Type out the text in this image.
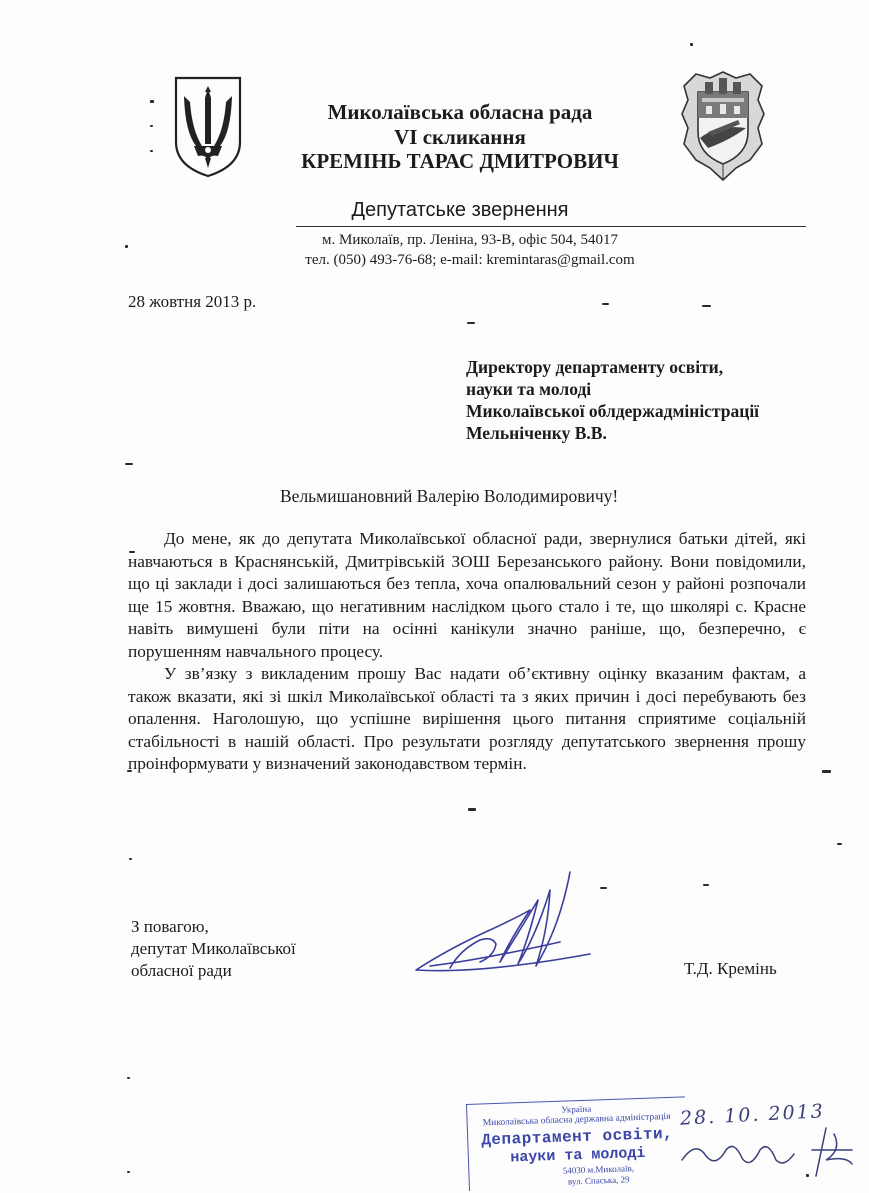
Миколаївська обласна рада
VI скликання
КРЕМІНЬ ТАРАС ДМИТРОВИЧ
Депутатське звернення
м. Миколаїв, пр. Леніна, 93-В, офіс 504, 54017
тел. (050) 493-76-68; e-mail: kremintaras@gmail.com
28 жовтня 2013 р.
Директору департаменту освіти,
науки та молоді
Миколаївської облдержадміністрації
Мельніченку В.В.
Вельмишановний Валерію Володимировичу!

До мене, як до депутата Миколаївської обласної ради, звернулися батьки дітей, які навчаються в Краснянській, Дмитрівській ЗОШ Березанського району. Вони повідомили, що ці заклади і досі залишаються без тепла, хоча опалювальний сезон у районі розпочали ще 15 жовтня. Вважаю, що негативним наслідком цього стало і те, що школярі с. Красне навіть вимушені були піти на осінні канікули значно раніше, що, безперечно, є порушенням навчального процесу.

У зв’язку з викладеним прошу Вас надати об’єктивну оцінку вказаним фактам, а також вказати, які зі шкіл Миколаївської області та з яких причин і досі перебувають без опалення. Наголошую, що успішне вирішення цього питання сприятиме соціальній стабільності в нашій області. Про результати розгляду депутатського звернення прошу проінформувати у визначений законодавством термін.

З повагою,
депутат Миколаївської
обласної ради	Т.Д. Кремінь
Україна
Миколаївська обласна державна адміністрація
Департамент освіти,
науки та молоді
54030 м.Миколаїв,
вул. Спаська, 29
28. 10. 2013
